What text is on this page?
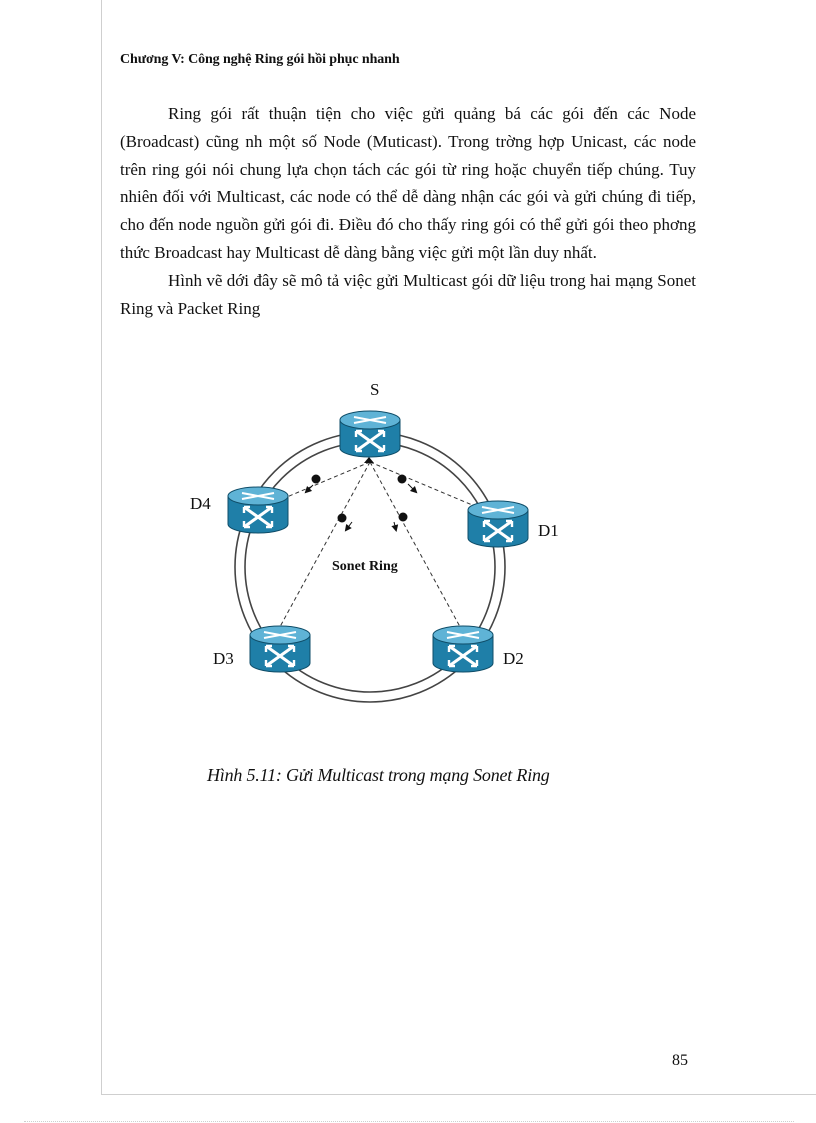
Chương V: Công nghệ Ring gói hồi phục nhanh

Ring gói rất thuận tiện cho việc gửi quảng bá các gói đến các Node (Broadcast) cũng nh một số Node (Muticast). Trong trờng hợp Unicast, các node trên ring gói nói chung lựa chọn tách các gói từ ring hoặc chuyển tiếp chúng. Tuy nhiên đối với Multicast, các node có thể dễ dàng nhận các gói và gửi chúng đi tiếp, cho đến node nguồn gửi gói đi. Điều đó cho thấy ring gói có thể gửi gói theo phơng thức Broadcast hay Multicast dễ dàng bằng việc gửi một lần duy nhất.

Hình vẽ dới đây sẽ mô tả việc gửi Multicast gói dữ liệu trong hai mạng Sonet Ring và Packet Ring

S
D4
D1
D3	D2
Sonet Ring
Hình 5.11: Gửi Multicast trong mạng Sonet Ring
85
